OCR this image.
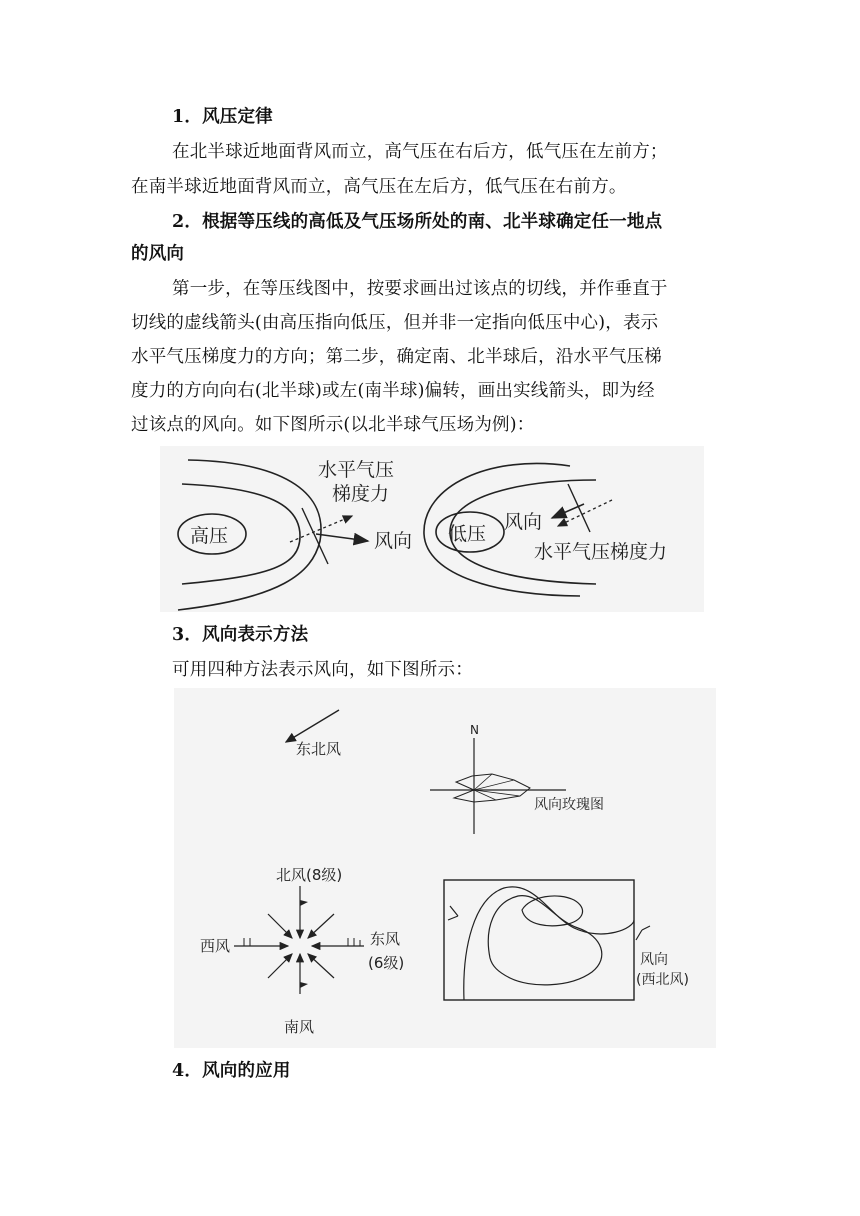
1．风压定律
在北半球近地面背风而立，高气压在右后方，低气压在左前方；
在南半球近地面背风而立，高气压在左后方，低气压在右前方。
2．根据等压线的高低及气压场所处的南、北半球确定任一地点
的风向
第一步，在等压线图中，按要求画出过该点的切线，并作垂直于
切线的虚线箭头(由高压指向低压，但并非一定指向低压中心)，表示
水平气压梯度力的方向；第二步，确定南、北半球后，沿水平气压梯
度力的方向向右(北半球)或左(南半球)偏转，画出实线箭头，即为经
过该点的风向。如下图所示(以北半球气压场为例)：
高压
水平气压
梯度力
风向 低压
风向
水平气压梯度力
3．风向表示方法
可用四种方法表示风向，如下图所示：
东北风
N
风向玫瑰图
北风(8级)
西风	东风
(6级)
南风
风向
(西北风)
4．风向的应用
